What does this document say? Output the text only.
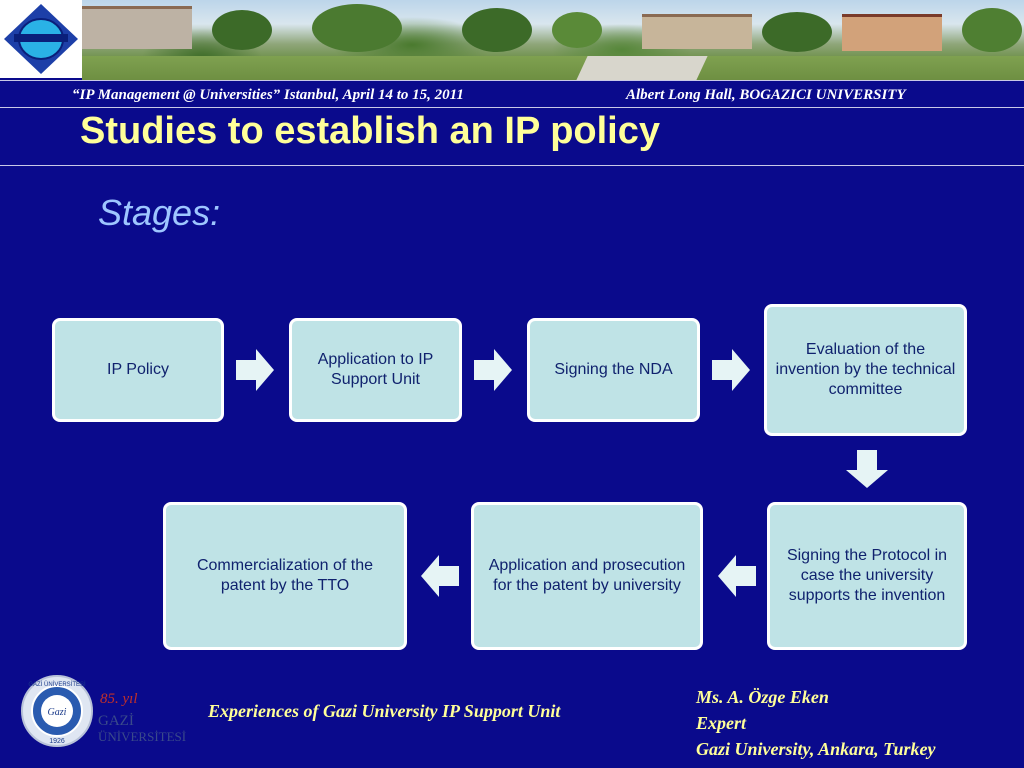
“IP Management @ Universities” Istanbul, April 14 to 15, 2011	Albert Long Hall, BOGAZICI UNIVERSITY
Studies to establish an IP policy
Stages:
IP Policy
Application to IP Support Unit
Signing the NDA
Evaluation of the invention by the technical committee
Signing the Protocol in case the university supports the invention
Application and prosecution for the patent by university
Commercialization of the patent by the TTO
Gazi
GAZİ ÜNİVERSİTESİ
1926
85. yıl
GAZİ
ÜNİVERSİTESİ
Experiences of Gazi University IP Support Unit
Ms. A. Özge Eken
Expert
Gazi University, Ankara, Turkey
